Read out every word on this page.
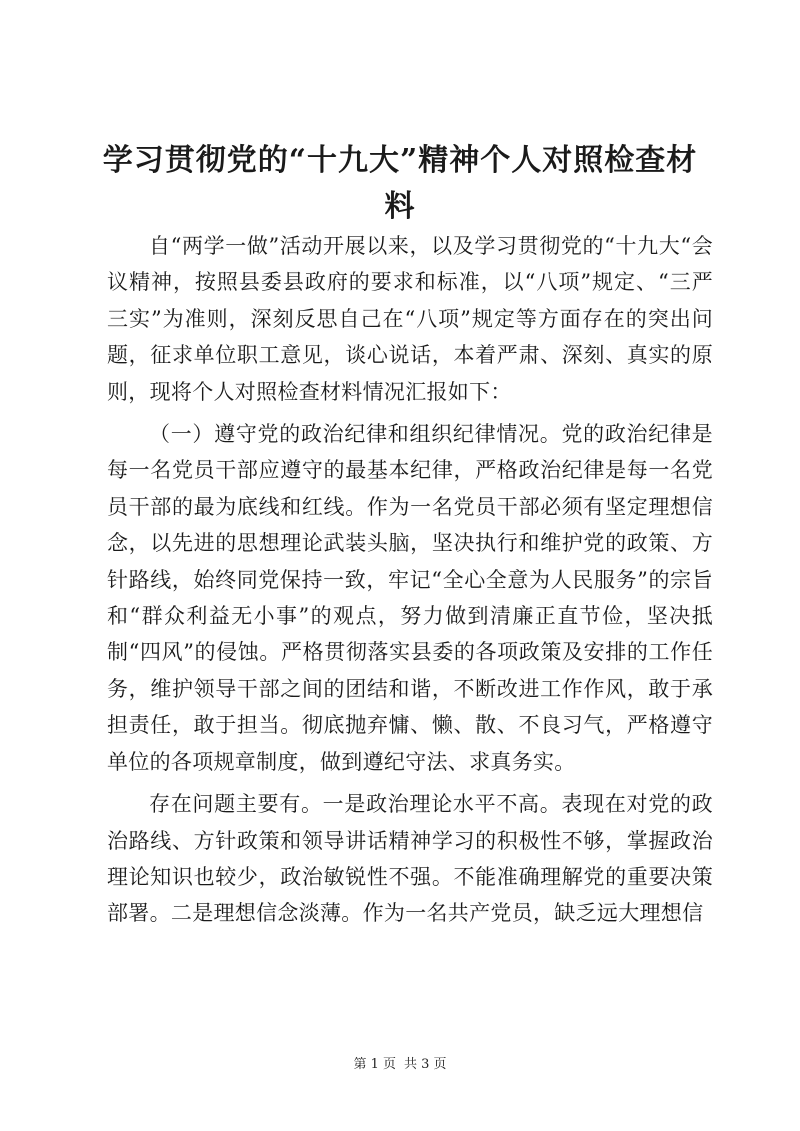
学习贯彻党的“十九大”精神个人对照检查材料

自“两学一做”活动开展以来，以及学习贯彻党的“十九大“会议精神，按照县委县政府的要求和标准，以“八项”规定、“三严三实”为准则，深刻反思自己在“八项”规定等方面存在的突出问题，征求单位职工意见，谈心说话，本着严肃、深刻、真实的原则，现将个人对照检查材料情况汇报如下：

（一）遵守党的政治纪律和组织纪律情况。党的政治纪律是每一名党员干部应遵守的最基本纪律，严格政治纪律是每一名党员干部的最为底线和红线。作为一名党员干部必须有坚定理想信念，以先进的思想理论武装头脑，坚决执行和维护党的政策、方针路线，始终同党保持一致，牢记“全心全意为人民服务”的宗旨和“群众利益无小事”的观点，努力做到清廉正直节俭，坚决抵制“四风”的侵蚀。严格贯彻落实县委的各项政策及安排的工作任务，维护领导干部之间的团结和谐，不断改进工作作风，敢于承担责任，敢于担当。彻底抛弃慵、懒、散、不良习气，严格遵守单位的各项规章制度，做到遵纪守法、求真务实。

存在问题主要有。一是政治理论水平不高。表现在对党的政治路线、方针政策和领导讲话精神学习的积极性不够，掌握政治理论知识也较少，政治敏锐性不强。不能准确理解党的重要决策部署。二是理想信念淡薄。作为一名共产党员，缺乏远大理想信

第 1 页 共 3 页
